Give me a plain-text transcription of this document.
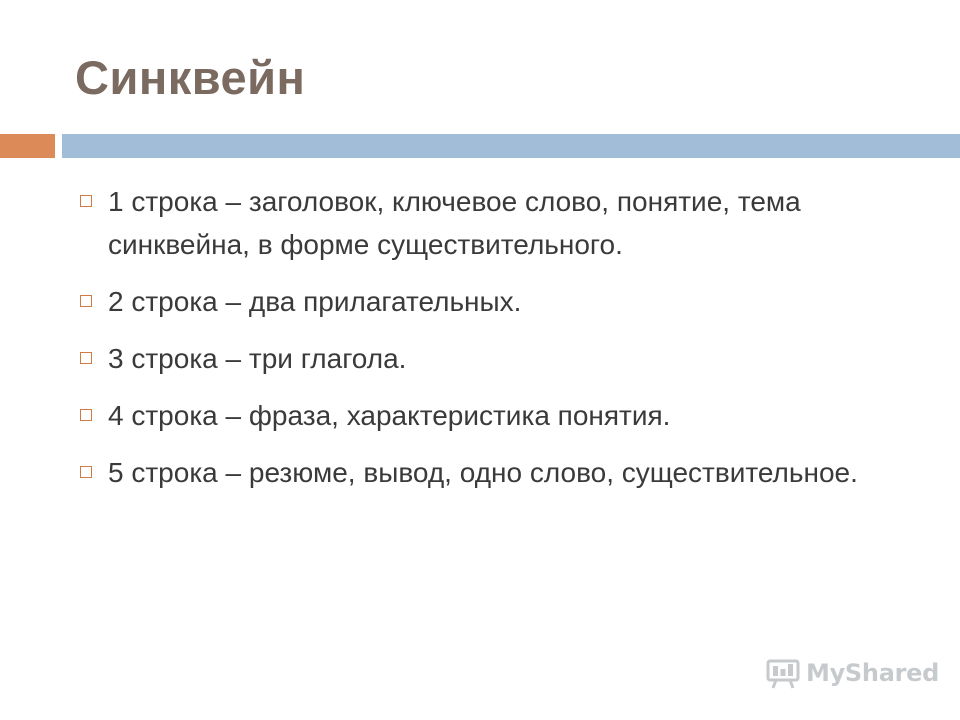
Синквейн
1 строка – заголовок, ключевое слово, понятие, тема синквейна, в форме существительного.
2 строка – два прилагательных.
3 строка – три глагола.
4 строка – фраза, характеристика понятия.
5 строка – резюме, вывод, одно слово, существительное.
MyShared
